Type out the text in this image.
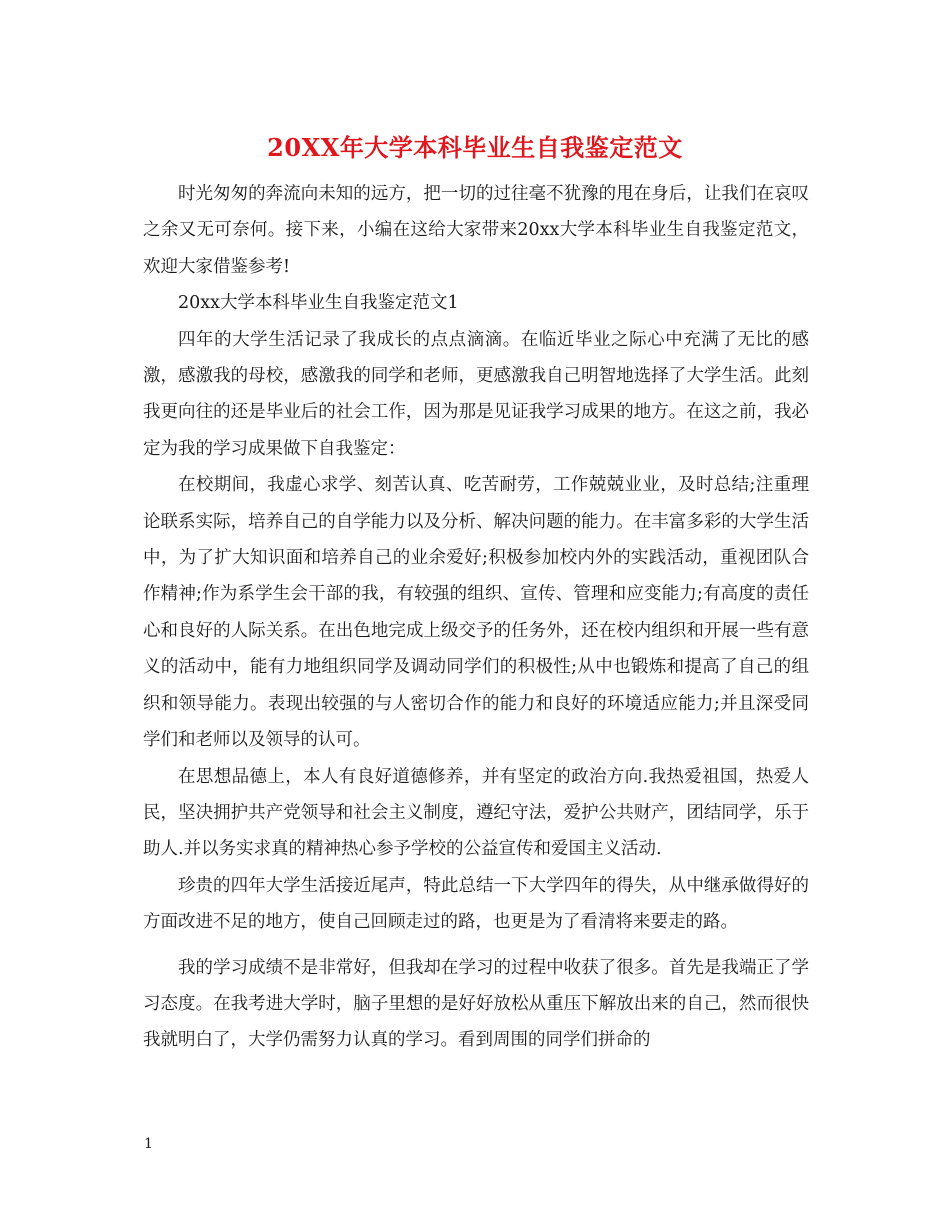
20XX年大学本科毕业生自我鉴定范文

时光匆匆的奔流向未知的远方，把一切的过往毫不犹豫的甩在身后，让我们在哀叹之余又无可奈何。接下来，小编在这给大家带来20xx大学本科毕业生自我鉴定范文，欢迎大家借鉴参考!

20xx大学本科毕业生自我鉴定范文1

四年的大学生活记录了我成长的点点滴滴。在临近毕业之际心中充满了无比的感激，感激我的母校，感激我的同学和老师，更感激我自己明智地选择了大学生活。此刻我更向往的还是毕业后的社会工作，因为那是见证我学习成果的地方。在这之前，我必定为我的学习成果做下自我鉴定：

在校期间，我虚心求学、刻苦认真、吃苦耐劳，工作兢兢业业，及时总结;注重理论联系实际，培养自己的自学能力以及分析、解决问题的能力。在丰富多彩的大学生活中，为了扩大知识面和培养自己的业余爱好;积极参加校内外的实践活动，重视团队合作精神;作为系学生会干部的我，有较强的组织、宣传、管理和应变能力;有高度的责任心和良好的人际关系。在出色地完成上级交予的任务外，还在校内组织和开展一些有意义的活动中，能有力地组织同学及调动同学们的积极性;从中也锻炼和提高了自己的组织和领导能力。表现出较强的与人密切合作的能力和良好的环境适应能力;并且深受同学们和老师以及领导的认可。

在思想品德上，本人有良好道德修养，并有坚定的政治方向.我热爱祖国，热爱人民，坚决拥护共产党领导和社会主义制度，遵纪守法，爱护公共财产，团结同学，乐于助人.并以务实求真的精神热心参予学校的公益宣传和爱国主义活动.

珍贵的四年大学生活接近尾声，特此总结一下大学四年的得失，从中继承做得好的方面改进不足的地方，使自己回顾走过的路，也更是为了看清将来要走的路。

我的学习成绩不是非常好，但我却在学习的过程中收获了很多。首先是我端正了学习态度。在我考进大学时，脑子里想的是好好放松从重压下解放出来的自己，然而很快我就明白了，大学仍需努力认真的学习。看到周围的同学们拼命的

1
